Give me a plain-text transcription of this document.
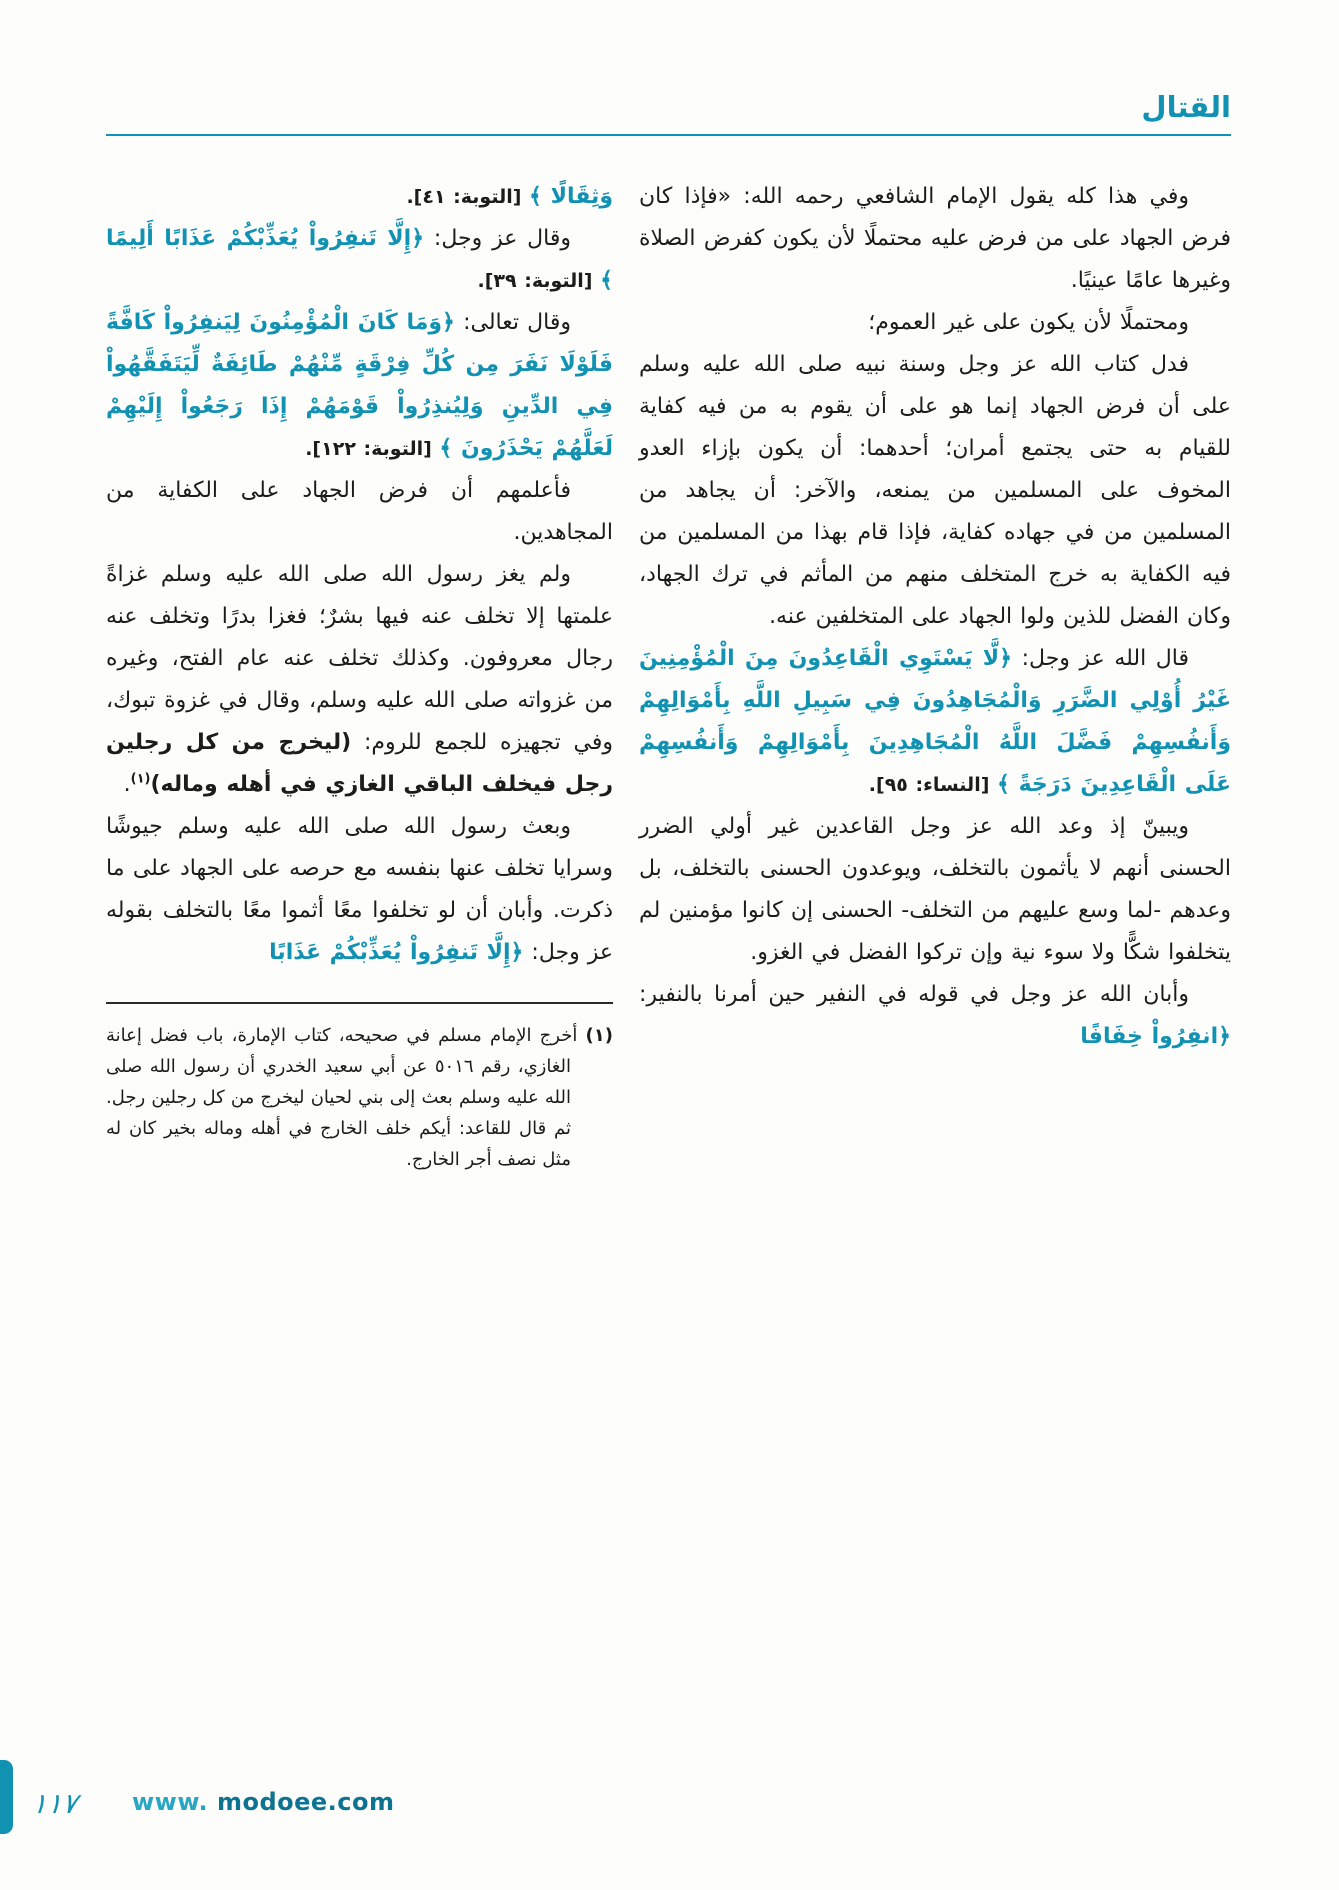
القتال

وفي هذا كله يقول الإمام الشافعي رحمه الله: «فإذا كان فرض الجهاد على من فرض عليه محتملًا لأن يكون كفرض الصلاة وغيرها عامًا عينيًا.

ومحتملًا لأن يكون على غير العموم؛

فدل كتاب الله عز وجل وسنة نبيه صلى الله عليه وسلم على أن فرض الجهاد إنما هو على أن يقوم به من فيه كفاية للقيام به حتى يجتمع أمران؛ أحدهما: أن يكون بإزاء العدو المخوف على المسلمين من يمنعه، والآخر: أن يجاهد من المسلمين من في جهاده كفاية، فإذا قام بهذا من المسلمين من فيه الكفاية به خرج المتخلف منهم من المأثم في ترك الجهاد، وكان الفضل للذين ولوا الجهاد على المتخلفين عنه.

قال الله عز وجل: ﴿لَّا يَسْتَوِي الْقَاعِدُونَ مِنَ الْمُؤْمِنِينَ غَيْرُ أُوْلِي الضَّرَرِ وَالْمُجَاهِدُونَ فِي سَبِيلِ اللَّهِ بِأَمْوَالِهِمْ وَأَنفُسِهِمْ فَضَّلَ اللَّهُ الْمُجَاهِدِينَ بِأَمْوَالِهِمْ وَأَنفُسِهِمْ عَلَى الْقَاعِدِينَ دَرَجَةً ﴾ [النساء: ٩٥].

ويبينّ إذ وعد الله عز وجل القاعدين غير أولي الضرر الحسنى أنهم لا يأثمون بالتخلف، ويوعدون الحسنى بالتخلف، بل وعدهم -لما وسع عليهم من التخلف- الحسنى إن كانوا مؤمنين لم يتخلفوا شكًّا ولا سوء نية وإن تركوا الفضل في الغزو.

وأبان الله عز وجل في قوله في النفير حين أمرنا بالنفير: ﴿انفِرُواْ خِفَافًا

وَثِقَالًا ﴾ [التوبة: ٤١].

وقال عز وجل: ﴿إِلَّا تَنفِرُواْ يُعَذِّبْكُمْ عَذَابًا أَلِيمًا ﴾ [التوبة: ٣٩].

وقال تعالى: ﴿وَمَا كَانَ الْمُؤْمِنُونَ لِيَنفِرُواْ كَافَّةً فَلَوْلَا نَفَرَ مِن كُلِّ فِرْقَةٍ مِّنْهُمْ طَائِفَةٌ لِّيَتَفَقَّهُواْ فِي الدِّينِ وَلِيُنذِرُواْ قَوْمَهُمْ إِذَا رَجَعُواْ إِلَيْهِمْ لَعَلَّهُمْ يَحْذَرُونَ ﴾ [التوبة: ١٢٢].

فأعلمهم أن فرض الجهاد على الكفاية من المجاهدين.

ولم يغز رسول الله صلى الله عليه وسلم غزاةً علمتها إلا تخلف عنه فيها بشرٌ؛ فغزا بدرًا وتخلف عنه رجال معروفون. وكذلك تخلف عنه عام الفتح، وغيره من غزواته صلى الله عليه وسلم، وقال في غزوة تبوك، وفي تجهيزه للجمع للروم: (ليخرج من كل رجلين رجل فيخلف الباقي الغازي في أهله وماله)$^{(١)}$.

وبعث رسول الله صلى الله عليه وسلم جيوشًا وسرايا تخلف عنها بنفسه مع حرصه على الجهاد على ما ذكرت. وأبان أن لو تخلفوا معًا أثموا معًا بالتخلف بقوله عز وجل: ﴿إِلَّا تَنفِرُواْ يُعَذِّبْكُمْ عَذَابًا

(١) أخرج الإمام مسلم في صحيحه، كتاب الإمارة، باب فضل إعانة الغازي، رقم ٥٠١٦ عن أبي سعيد الخدري أن رسول الله صلى الله عليه وسلم بعث إلى بني لحيان ليخرج من كل رجلين رجل. ثم قال للقاعد: أيكم خلف الخارج في أهله وماله بخير كان له مثل نصف أجر الخارج.

١١٧ www. modoee.com
